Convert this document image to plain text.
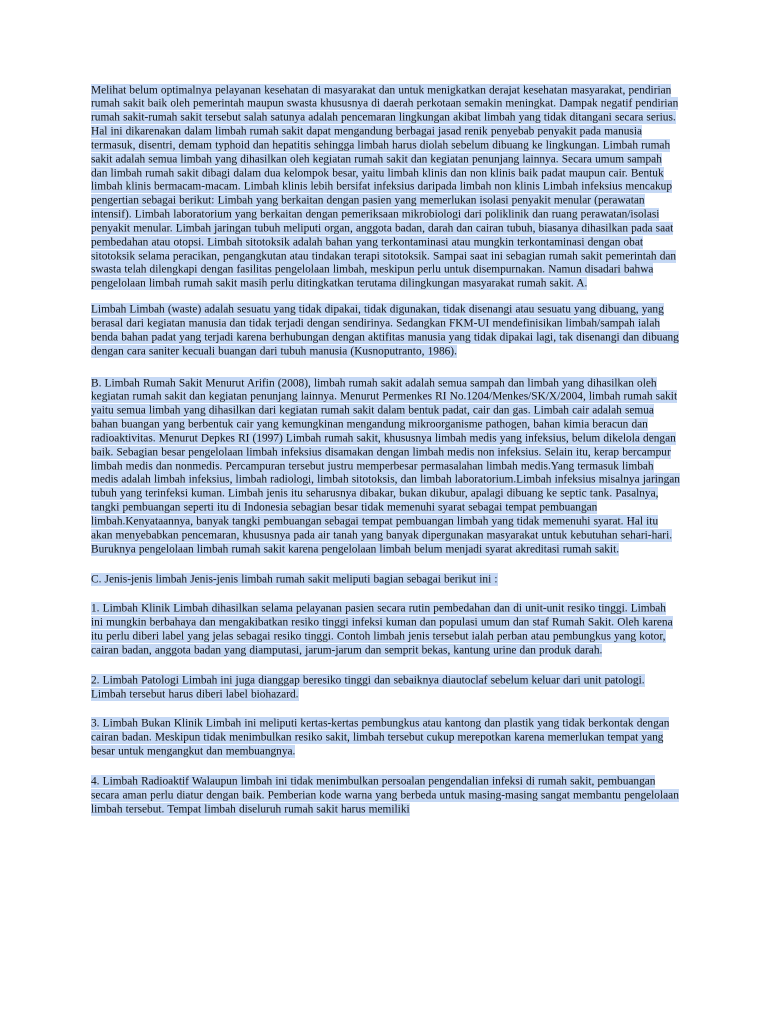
Melihat belum optimalnya pelayanan kesehatan di masyarakat dan untuk menigkatkan derajat kesehatan masyarakat, pendirian rumah sakit baik oleh pemerintah maupun swasta khususnya di daerah perkotaan semakin meningkat. Dampak negatif pendirian rumah sakit-rumah sakit tersebut salah satunya adalah pencemaran lingkungan akibat limbah yang tidak ditangani secara serius. Hal ini dikarenakan dalam limbah rumah sakit dapat mengandung berbagai jasad renik penyebab penyakit pada manusia termasuk, disentri, demam typhoid dan hepatitis sehingga limbah harus diolah sebelum dibuang ke lingkungan. Limbah rumah sakit adalah semua limbah yang dihasilkan oleh kegiatan rumah sakit dan kegiatan penunjang lainnya. Secara umum sampah dan limbah rumah sakit dibagi dalam dua kelompok besar, yaitu limbah klinis dan non klinis baik padat maupun cair. Bentuk limbah klinis bermacam-macam. Limbah klinis lebih bersifat infeksius daripada limbah non klinis Limbah infeksius mencakup pengertian sebagai berikut: Limbah yang berkaitan dengan pasien yang memerlukan isolasi penyakit menular (perawatan intensif). Limbah laboratorium yang berkaitan dengan pemeriksaan mikrobiologi dari poliklinik dan ruang perawatan/isolasi penyakit menular. Limbah jaringan tubuh meliputi organ, anggota badan, darah dan cairan tubuh, biasanya dihasilkan pada saat pembedahan atau otopsi. Limbah sitotoksik adalah bahan yang terkontaminasi atau mungkin terkontaminasi dengan obat sitotoksik selama peracikan, pengangkutan atau tindakan terapi sitotoksik. Sampai saat ini sebagian rumah sakit pemerintah dan swasta telah dilengkapi dengan fasilitas pengelolaan limbah, meskipun perlu untuk disempurnakan. Namun disadari bahwa pengelolaan limbah rumah sakit masih perlu ditingkatkan terutama dilingkungan masyarakat rumah sakit. A.

Limbah Limbah (waste) adalah sesuatu yang tidak dipakai, tidak digunakan, tidak disenangi atau sesuatu yang dibuang, yang berasal dari kegiatan manusia dan tidak terjadi dengan sendirinya. Sedangkan FKM-UI mendefinisikan limbah/sampah ialah benda bahan padat yang terjadi karena berhubungan dengan aktifitas manusia yang tidak dipakai lagi, tak disenangi dan dibuang dengan cara saniter kecuali buangan dari tubuh manusia (Kusnoputranto, 1986).

B. Limbah Rumah Sakit Menurut Arifin (2008), limbah rumah sakit adalah semua sampah dan limbah yang dihasilkan oleh kegiatan rumah sakit dan kegiatan penunjang lainnya. Menurut Permenkes RI No.1204/Menkes/SK/X/2004, limbah rumah sakit yaitu semua limbah yang dihasilkan dari kegiatan rumah sakit dalam bentuk padat, cair dan gas. Limbah cair adalah semua bahan buangan yang berbentuk cair yang kemungkinan mengandung mikroorganisme pathogen, bahan kimia beracun dan radioaktivitas. Menurut Depkes RI (1997) Limbah rumah sakit, khususnya limbah medis yang infeksius, belum dikelola dengan baik. Sebagian besar pengelolaan limbah infeksius disamakan dengan limbah medis non infeksius. Selain itu, kerap bercampur limbah medis dan nonmedis. Percampuran tersebut justru memperbesar permasalahan limbah medis.Yang termasuk limbah medis adalah limbah infeksius, limbah radiologi, limbah sitotoksis, dan limbah laboratorium.Limbah infeksius misalnya jaringan tubuh yang terinfeksi kuman. Limbah jenis itu seharusnya dibakar, bukan dikubur, apalagi dibuang ke septic tank. Pasalnya, tangki pembuangan seperti itu di Indonesia sebagian besar tidak memenuhi syarat sebagai tempat pembuangan limbah.Kenyataannya, banyak tangki pembuangan sebagai tempat pembuangan limbah yang tidak memenuhi syarat. Hal itu akan menyebabkan pencemaran, khususnya pada air tanah yang banyak dipergunakan masyarakat untuk kebutuhan sehari-hari. Buruknya pengelolaan limbah rumah sakit karena pengelolaan limbah belum menjadi syarat akreditasi rumah sakit.

C. Jenis-jenis limbah Jenis-jenis limbah rumah sakit meliputi bagian sebagai berikut ini :

1. Limbah Klinik Limbah dihasilkan selama pelayanan pasien secara rutin pembedahan dan di unit-unit resiko tinggi. Limbah ini mungkin berbahaya dan mengakibatkan resiko tinggi infeksi kuman dan populasi umum dan staf Rumah Sakit. Oleh karena itu perlu diberi label yang jelas sebagai resiko tinggi. Contoh limbah jenis tersebut ialah perban atau pembungkus yang kotor, cairan badan, anggota badan yang diamputasi, jarum-jarum dan semprit bekas, kantung urine dan produk darah.

2. Limbah Patologi Limbah ini juga dianggap beresiko tinggi dan sebaiknya diautoclaf sebelum keluar dari unit patologi. Limbah tersebut harus diberi label biohazard.

3. Limbah Bukan Klinik Limbah ini meliputi kertas-kertas pembungkus atau kantong dan plastik yang tidak berkontak dengan cairan badan. Meskipun tidak menimbulkan resiko sakit, limbah tersebut cukup merepotkan karena memerlukan tempat yang besar untuk mengangkut dan membuangnya.

4. Limbah Radioaktif Walaupun limbah ini tidak menimbulkan persoalan pengendalian infeksi di rumah sakit, pembuangan secara aman perlu diatur dengan baik. Pemberian kode warna yang berbeda untuk masing-masing sangat membantu pengelolaan limbah tersebut. Tempat limbah diseluruh rumah sakit harus memiliki
